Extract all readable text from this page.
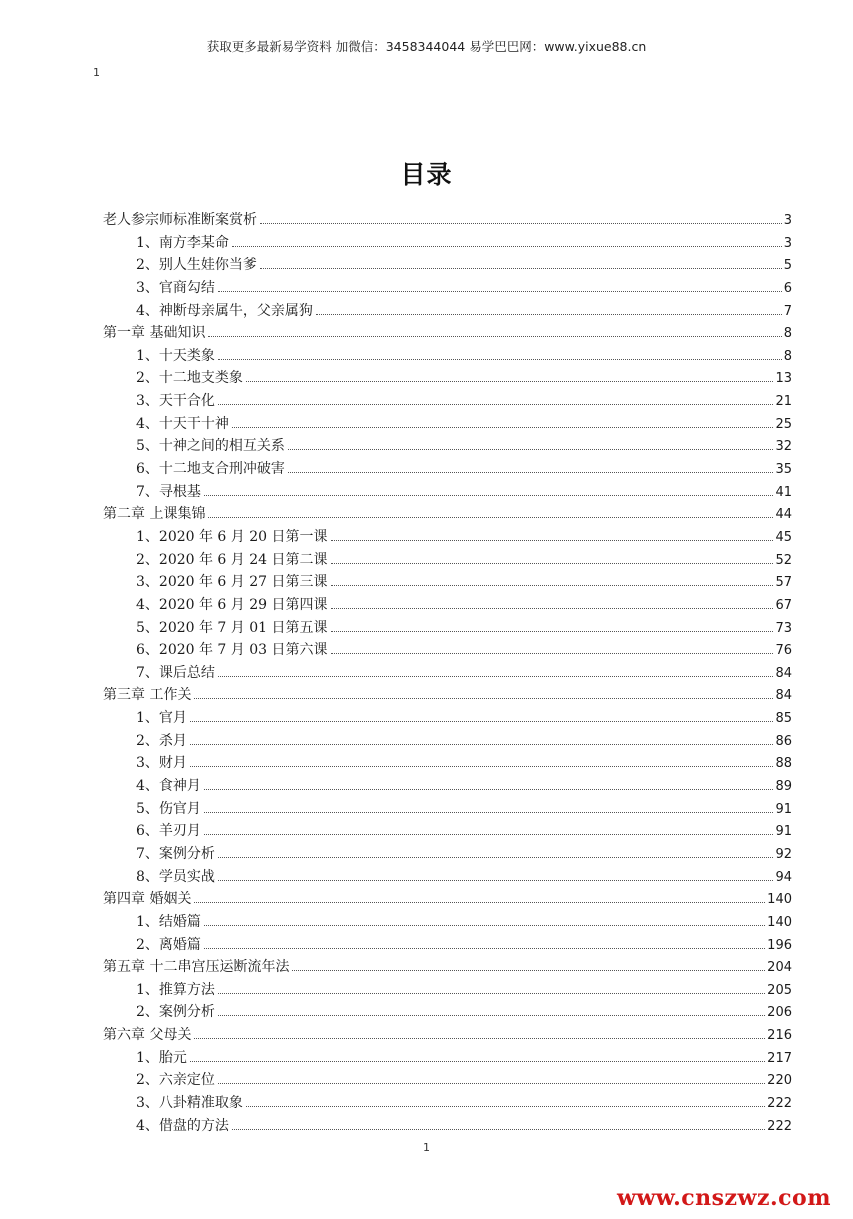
获取更多最新易学资料 加微信：3458344044 易学巴巴网：www.yixue88.cn
1
目录
老人参宗师标准断案赏析	3
1、南方李某命	3
2、别人生娃你当爹	5
3、官商勾结	6
4、神断母亲属牛，父亲属狗	7
第一章 基础知识	8
1、十天类象	8
2、十二地支类象	13
3、天干合化	21
4、十天干十神	25
5、十神之间的相互关系	32
6、十二地支合刑冲破害	35
7、寻根基	41
第二章 上课集锦	44
1、2020 年 6 月 20 日第一课	45
2、2020 年 6 月 24 日第二课	52
3、2020 年 6 月 27 日第三课	57
4、2020 年 6 月 29 日第四课	67
5、2020 年 7 月 01 日第五课	73
6、2020 年 7 月 03 日第六课	76
7、课后总结	84
第三章 工作关	84
1、官月	85
2、杀月	86
3、财月	88
4、食神月	89
5、伤官月	91
6、羊刃月	91
7、案例分析	92
8、学员实战	94
第四章 婚姻关	140
1、结婚篇	140
2、离婚篇	196
第五章 十二串宫压运断流年法	204
1、推算方法	205
2、案例分析	206
第六章 父母关	216
1、胎元	217
2、六亲定位	220
3、八卦精准取象	222
4、借盘的方法	222
1
www.cnszwz.com
